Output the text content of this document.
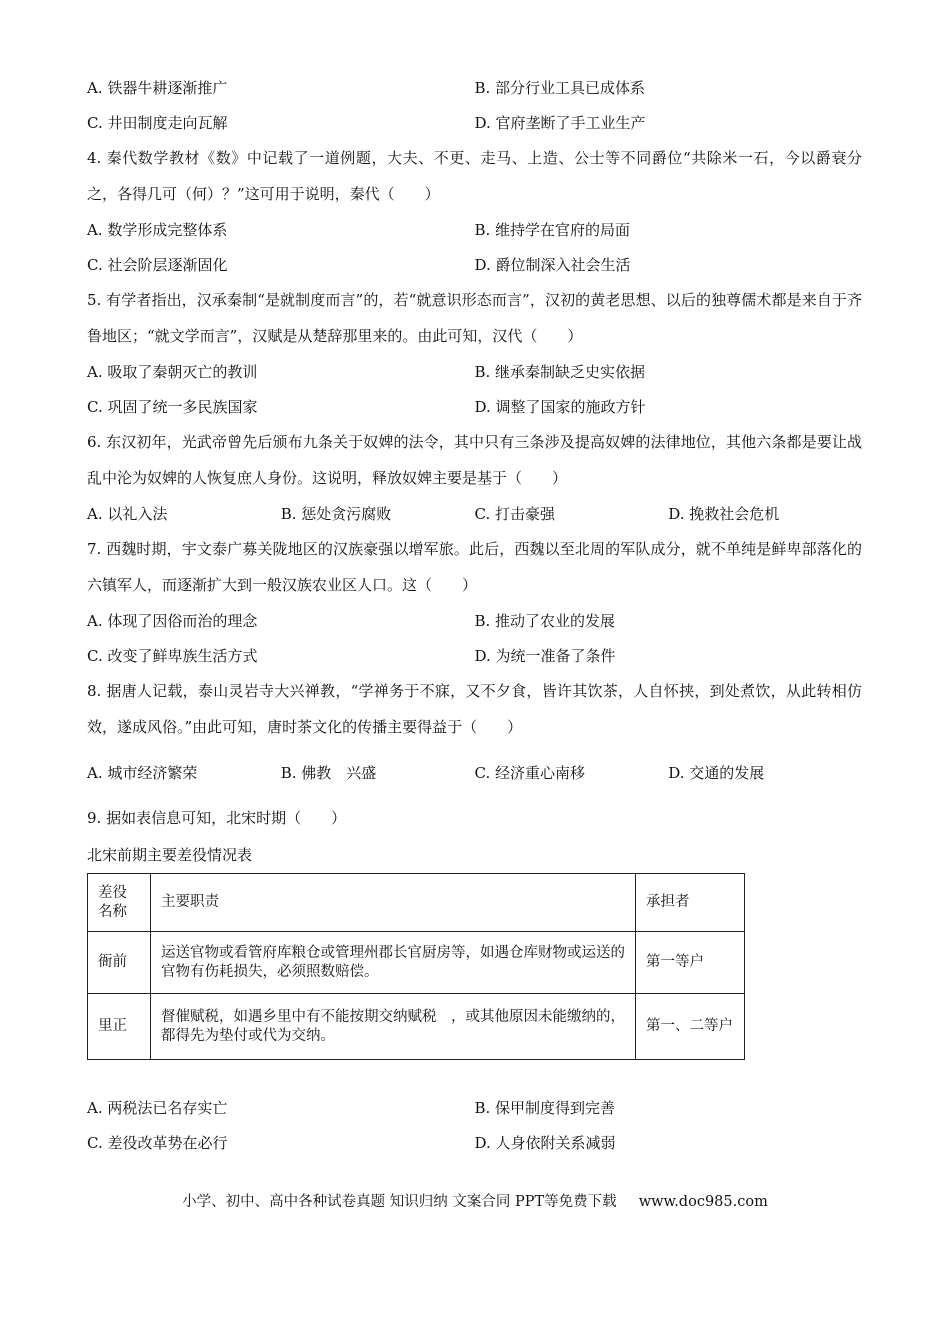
A. 铁器牛耕逐渐推广	B. 部分行业工具已成体系
C. 井田制度走向瓦解	D. 官府垄断了手工业生产
4. 秦代数学教材《数》中记载了一道例题，大夫、不更、走马、上造、公士等不同爵位“共除米一石，今以爵衰分之，各得几可（何）？”这可用于说明，秦代（　　）
A. 数学形成完整体系	B. 维持学在官府的局面
C. 社会阶层逐渐固化	D. 爵位制深入社会生活
5. 有学者指出，汉承秦制“是就制度而言”的，若“就意识形态而言”，汉初的黄老思想、以后的独尊儒术都是来自于齐鲁地区；“就文学而言”，汉赋是从楚辞那里来的。由此可知，汉代（　　）
A. 吸取了秦朝灭亡的教训	B. 继承秦制缺乏史实依据
C. 巩固了统一多民族国家	D. 调整了国家的施政方针
6. 东汉初年，光武帝曾先后颁布九条关于奴婢的法令，其中只有三条涉及提高奴婢的法律地位，其他六条都是要让战乱中沦为奴婢的人恢复庶人身份。这说明，释放奴婢主要是基于（　　）
A. 以礼入法	B. 惩处贪污腐败	C. 打击豪强	D. 挽救社会危机
7. 西魏时期，宇文泰广募关陇地区的汉族豪强以增军旅。此后，西魏以至北周的军队成分，就不单纯是鲜卑部落化的六镇军人，而逐渐扩大到一般汉族农业区人口。这（　　）
A. 体现了因俗而治的理念	B. 推动了农业的发展
C. 改变了鲜卑族生活方式	D. 为统一准备了条件
8. 据唐人记载，泰山灵岩寺大兴禅教，“学禅务于不寐，又不夕食，皆许其饮茶，人自怀挟，到处煮饮，从此转相仿效，遂成风俗。”由此可知，唐时茶文化的传播主要得益于（　　）
A. 城市经济繁荣	B. 佛教　兴盛	C. 经济重心南移	D. 交通的发展
9. 据如表信息可知，北宋时期（　　）
北宋前期主要差役情况表
差役名称	主要职责	承担者
衙前	运送官物或看管府库粮仓或管理州郡长官厨房等，如遇仓库财物或运送的官物有伤耗损失，必须照数赔偿。	第一等户
里正	督催赋税，如遇乡里中有不能按期交纳赋税　，或其他原因未能缴纳的，都得先为垫付或代为交纳。	第一、二等户
A. 两税法已名存实亡	B. 保甲制度得到完善
C. 差役改革势在必行	D. 人身依附关系减弱
小学、初中、高中各种试卷真题 知识归纳 文案合同 PPT等免费下载 www.doc985.com
